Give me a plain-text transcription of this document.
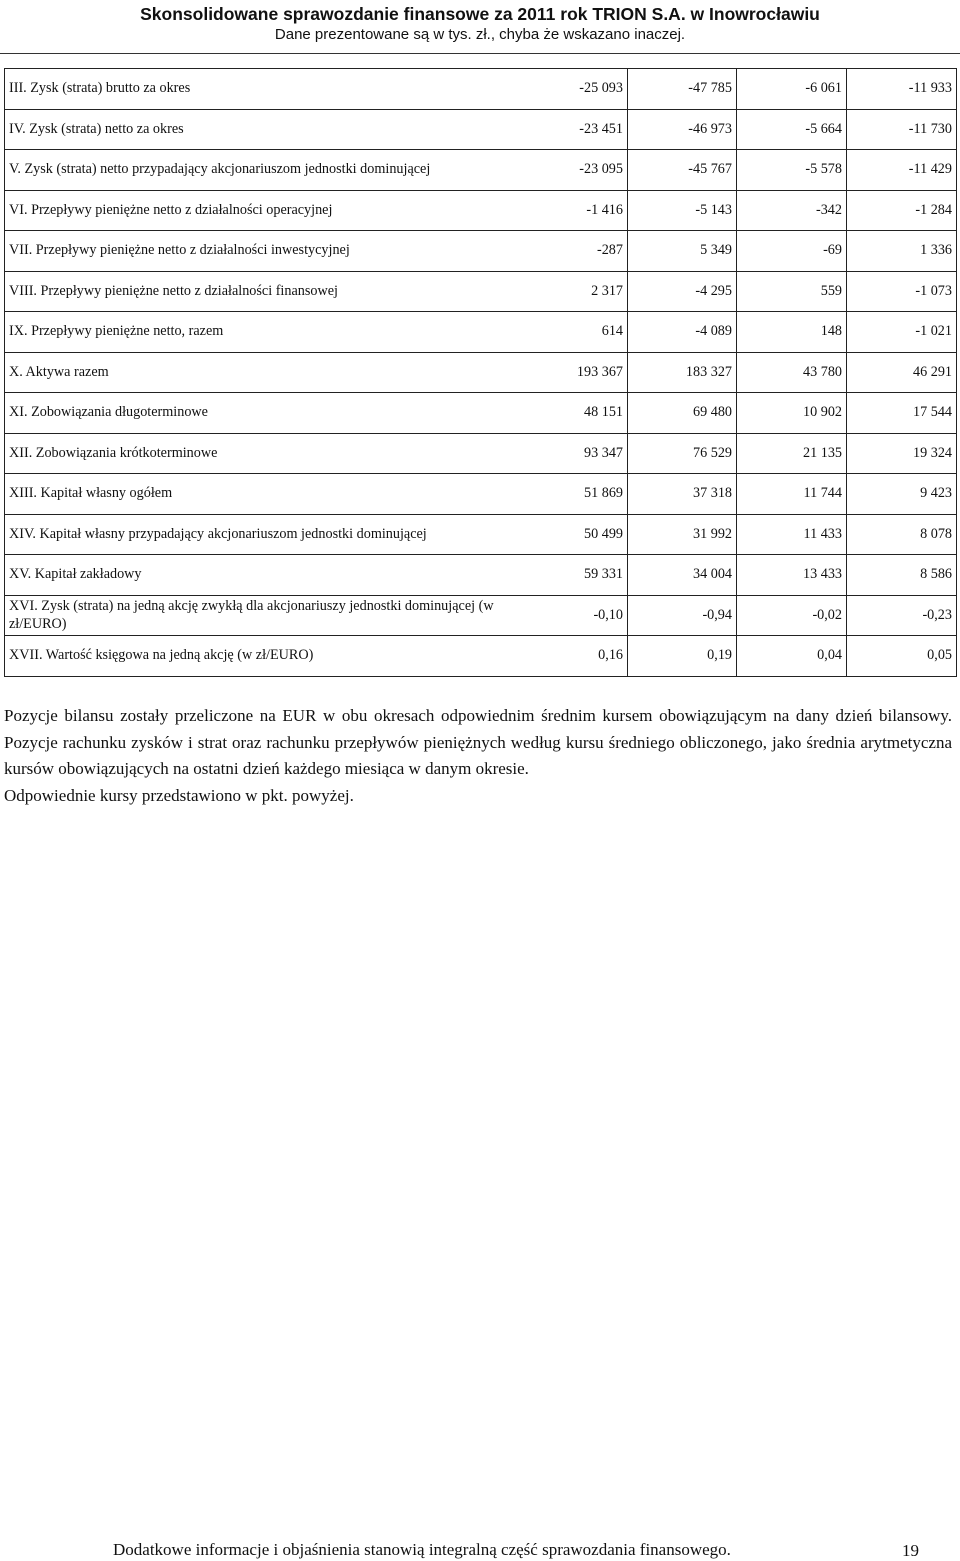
Skonsolidowane sprawozdanie finansowe za 2011 rok TRION S.A. w Inowrocławiu
Dane prezentowane są w tys. zł., chyba że wskazano inaczej.
III. Zysk (strata) brutto za okres	-25 093	-47 785	-6 061	-11 933
IV. Zysk (strata) netto za okres	-23 451	-46 973	-5 664	-11 730
V. Zysk (strata) netto przypadający akcjonariuszom jednostki dominującej	-23 095	-45 767	-5 578	-11 429
VI. Przepływy pieniężne netto z działalności operacyjnej	-1 416	-5 143	-342	-1 284
VII. Przepływy pieniężne netto z działalności inwestycyjnej	-287	5 349	-69	1 336
VIII. Przepływy pieniężne netto z działalności finansowej	2 317	-4 295	559	-1 073
IX. Przepływy pieniężne netto, razem	614	-4 089	148	-1 021
X. Aktywa razem	193 367	183 327	43 780	46 291
XI. Zobowiązania długoterminowe	48 151	69 480	10 902	17 544
XII. Zobowiązania krótkoterminowe	93 347	76 529	21 135	19 324
XIII. Kapitał własny ogółem	51 869	37 318	11 744	9 423
XIV. Kapitał własny przypadający akcjonariuszom jednostki dominującej	50 499	31 992	11 433	8 078
XV. Kapitał zakładowy	59 331	34 004	13 433	8 586
XVI. Zysk (strata) na jedną akcję zwykłą dla akcjonariuszy jednostki dominującej (w zł/EURO)	-0,10	-0,94	-0,02	-0,23
XVII. Wartość księgowa na jedną akcję (w zł/EURO)	0,16	0,19	0,04	0,05

Pozycje bilansu zostały przeliczone na EUR w obu okresach odpowiednim średnim kursem obowiązującym na dany dzień bilansowy. Pozycje rachunku zysków i strat oraz rachunku przepływów pieniężnych według kursu średniego obliczonego, jako średnia arytmetyczna kursów obowiązujących na ostatni dzień każdego miesiąca w danym okresie.

Odpowiednie kursy przedstawiono w pkt. powyżej.

Dodatkowe informacje i objaśnienia stanowią integralną część sprawozdania finansowego.	19
